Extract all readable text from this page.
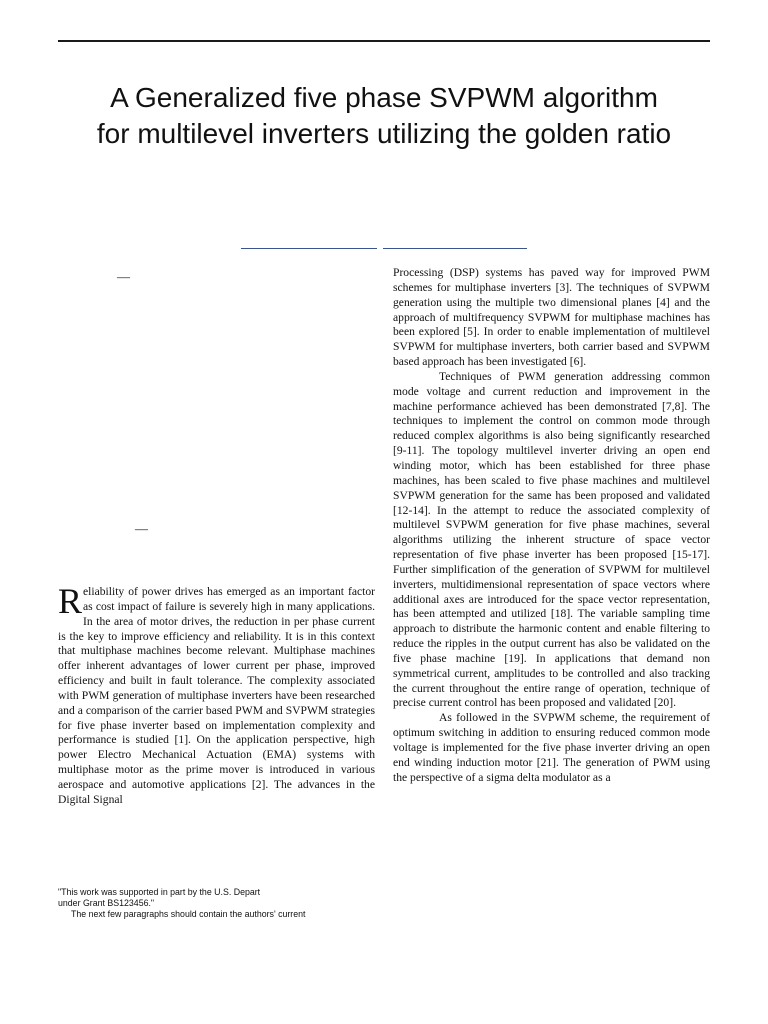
A Generalized five phase SVPWM algorithm
for multilevel inverters utilizing the golden ratio
—
—

Reliability of power drives has emerged as an important factor as cost impact of failure is severely high in many applications. In the area of motor drives, the reduction in per phase current is the key to improve efficiency and reliability. It is in this context that multiphase machines become relevant. Multiphase machines offer inherent advantages of lower current per phase, improved efficiency and built in fault tolerance. The complexity associated with PWM generation of multiphase inverters have been researched and a comparison of the carrier based PWM and SVPWM strategies for five phase inverter based on implementation complexity and performance is studied [1]. On the application perspective, high power Electro Mechanical Actuation (EMA) systems with multiphase motor as the prime mover is introduced in various aerospace and automotive applications [2]. The advances in the Digital Signal

Processing (DSP) systems has paved way for improved PWM schemes for multiphase inverters [3]. The techniques of SVPWM generation using the multiple two dimensional planes [4] and the approach of multifrequency SVPWM for multiphase machines has been explored [5]. In order to enable implementation of multilevel SVPWM for multiphase inverters, both carrier based and SVPWM based approach has been investigated [6].

Techniques of PWM generation addressing common mode voltage and current reduction and improvement in the machine performance achieved has been demonstrated [7,8]. The techniques to implement the control on common mode through reduced complex algorithms is also being significantly researched [9-11]. The topology multilevel inverter driving an open end winding motor, which has been established for three phase machines, has been scaled to five phase machines and multilevel SVPWM generation for the same has been proposed and validated [12-14]. In the attempt to reduce the associated complexity of multilevel SVPWM generation for five phase machines, several algorithms utilizing the inherent structure of space vector representation of five phase inverter has been proposed [15-17]. Further simplification of the generation of SVPWM for multilevel inverters, multidimensional representation of space vectors where additional axes are introduced for the space vector representation, has been attempted and utilized [18]. The variable sampling time approach to distribute the harmonic content and enable filtering to reduce the ripples in the output current has also be validated on the five phase machine [19]. In applications that demand non symmetrical current, amplitudes to be controlled and also tracking the current throughout the entire range of operation, technique of precise current control has been proposed and validated [20].

As followed in the SVPWM scheme, the requirement of optimum switching in addition to ensuring reduced common mode voltage is implemented for the five phase inverter driving an open end winding induction motor [21]. The generation of PWM using the perspective of a sigma delta modulator as a

"This work was supported in part by the U.S. Depart

under Grant BS123456."

The next few paragraphs should contain the authors' current
